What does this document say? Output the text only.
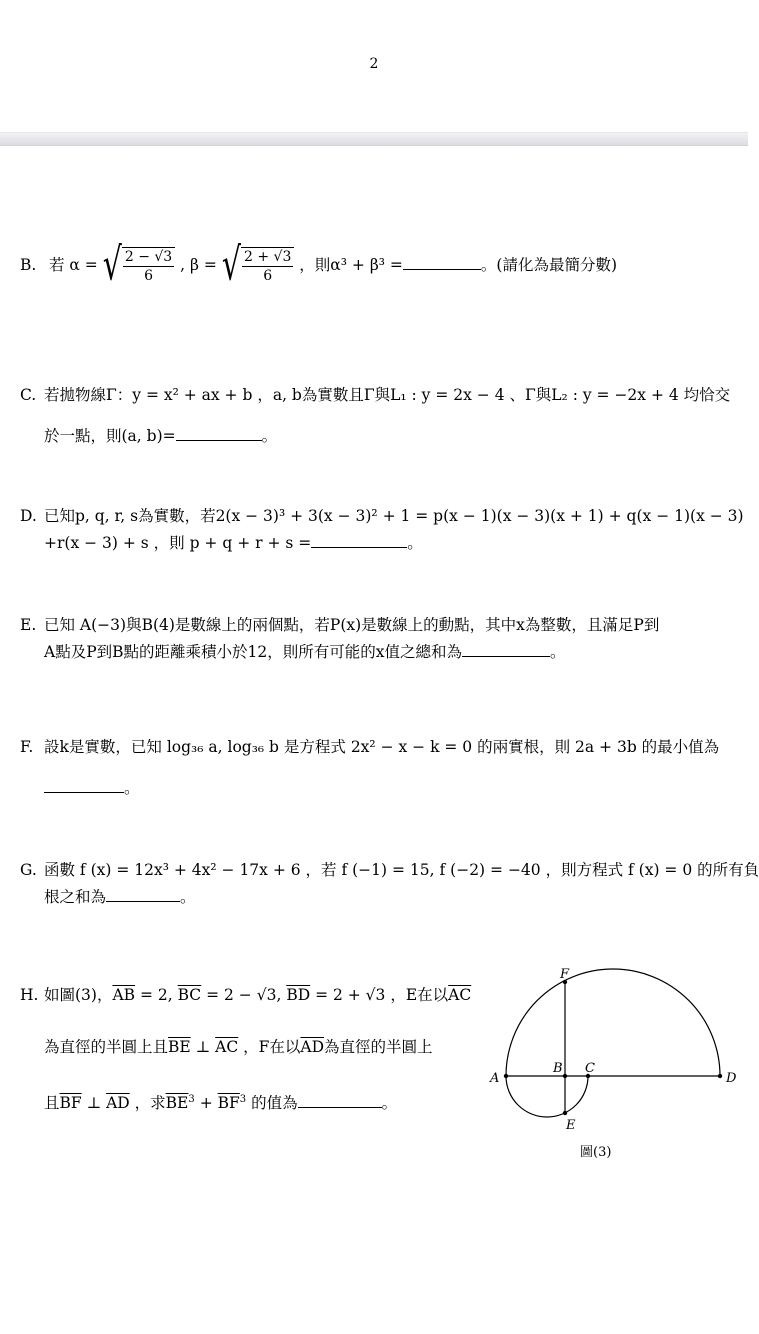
2
B. 若 α = √ $\frac{2 - √3}{6}$ , β = √ $\frac{2 + √3}{6}$ ，則α³ + β³ =	。(請化為最簡分數)
C. 若拋物線Γ：y = x² + ax + b ，a, b為實數且Γ與L₁ : y = 2x − 4 、Γ與L₂ : y = −2x + 4 均恰交
於一點，則(a, b)=	。
D. 已知p, q, r, s為實數，若2(x − 3)³ + 3(x − 3)² + 1 = p(x − 1)(x − 3)(x + 1) + q(x − 1)(x − 3)
+r(x − 3) + s ，則 p + q + r + s =	。
E. 已知 A(−3)與B(4)是數線上的兩個點，若P(x)是數線上的動點，其中x為整數，且滿足P到
A點及P到B點的距離乘積小於12，則所有可能的x值之總和為	。
F. 設k是實數，已知 log₃₆ a, log₃₆ b 是方程式 2x² − x − k = 0 的兩實根，則 2a + 3b 的最小值為
。
G. 函數 f (x) = 12x³ + 4x² − 17x + 6 ，若 f (−1) = 15, f (−2) = −40 ，則方程式 f (x) = 0 的所有負
根之和為	。
H. 如圖(3)，$\overline{AB} = 2$, $\overline{BC} = 2 - √3$, $\overline{BD} = 2 + √3$ ，E在以$\overline{AC}$
為直徑的半圓上且$\overline{BE}$ ⊥ $\overline{AC}$ ，F在以$\overline{AD}$為直徑的半圓上
且$\overline{BF}$ ⊥ $\overline{AD}$ ，求$\overline{BE}^3 + \overline{BF}^3$ 的值為	。
A	D
B C
F
E
圖(3)
